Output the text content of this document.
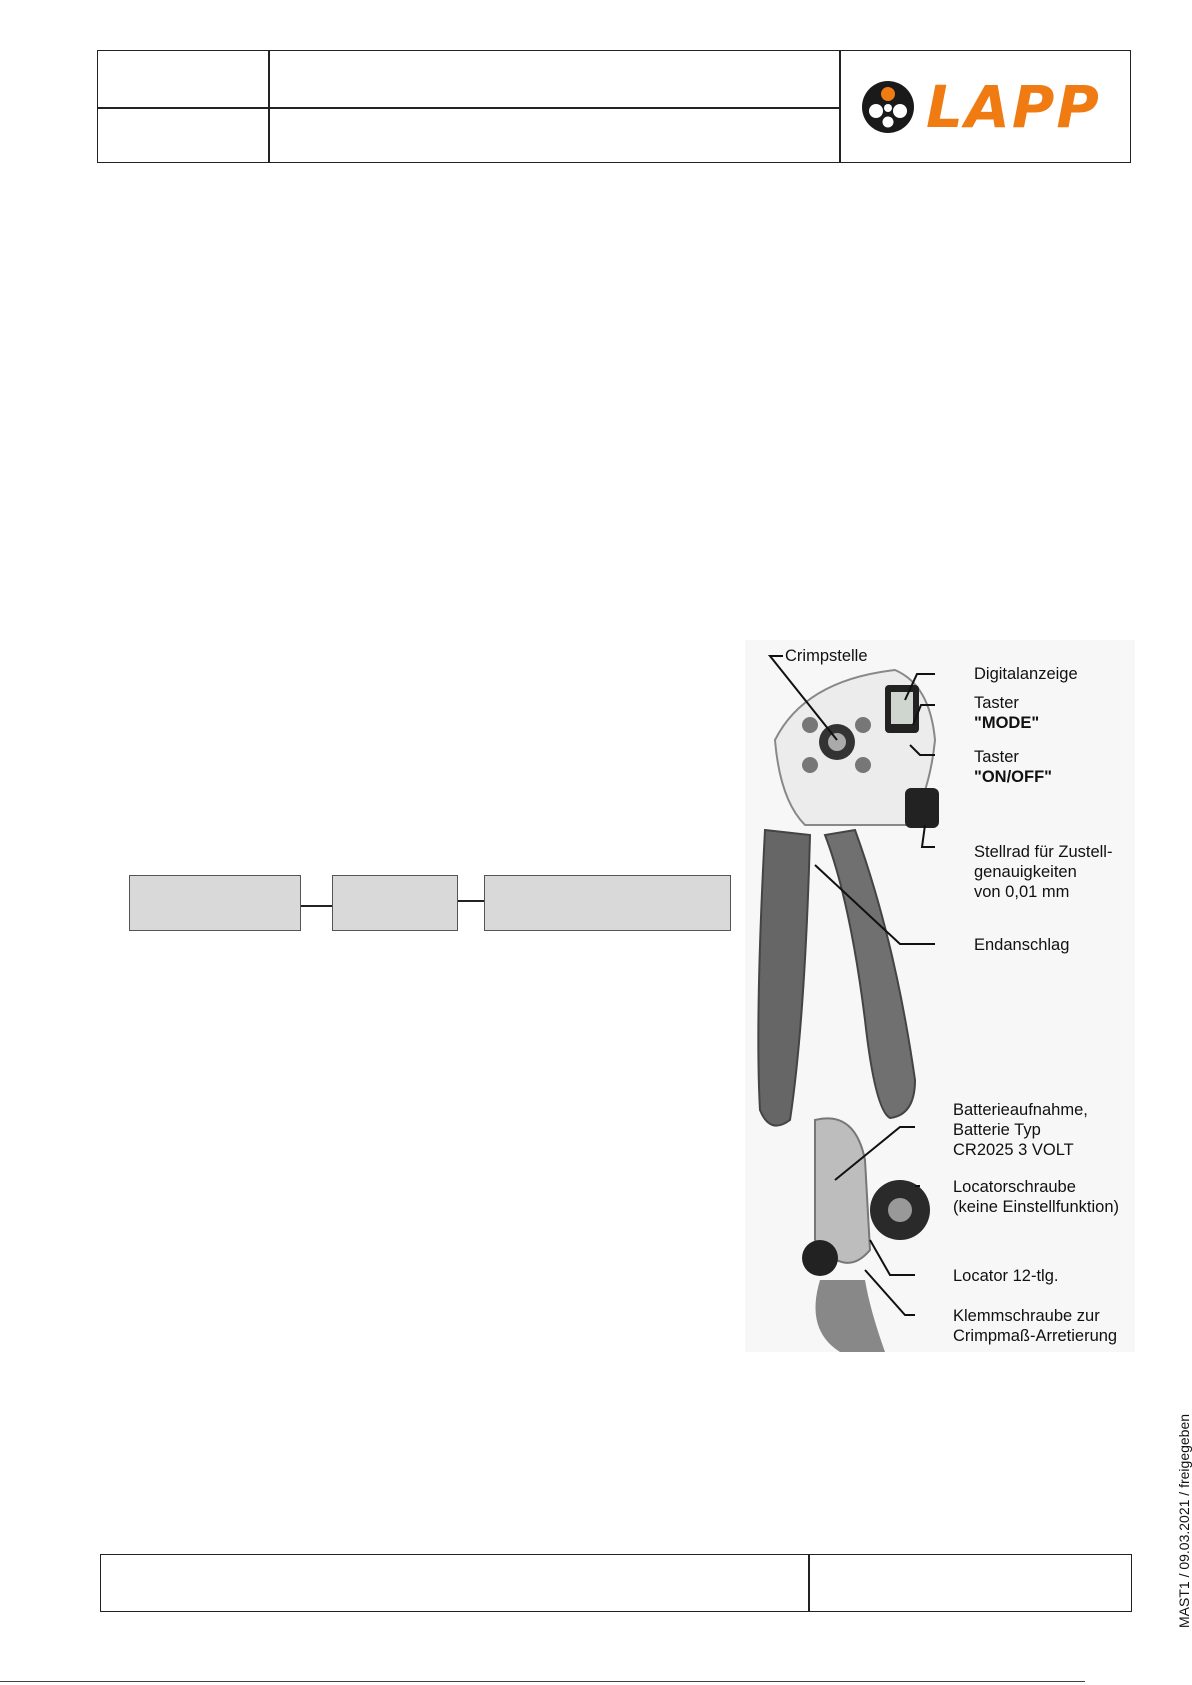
LAPP
Crimpstelle
Digitalanzeige
Taster
"MODE"
Taster
"ON/OFF"
Stellrad für Zustell-
genauigkeiten
von 0,01 mm
Endanschlag
Batterieaufnahme,
Batterie Typ
CR2025 3 VOLT
Locatorschraube
(keine Einstellfunktion)
Locator 12-tlg.
Klemmschraube zur
Crimpmaß-Arretierung
MAST1 / 09.03.2021 / freigegeben
